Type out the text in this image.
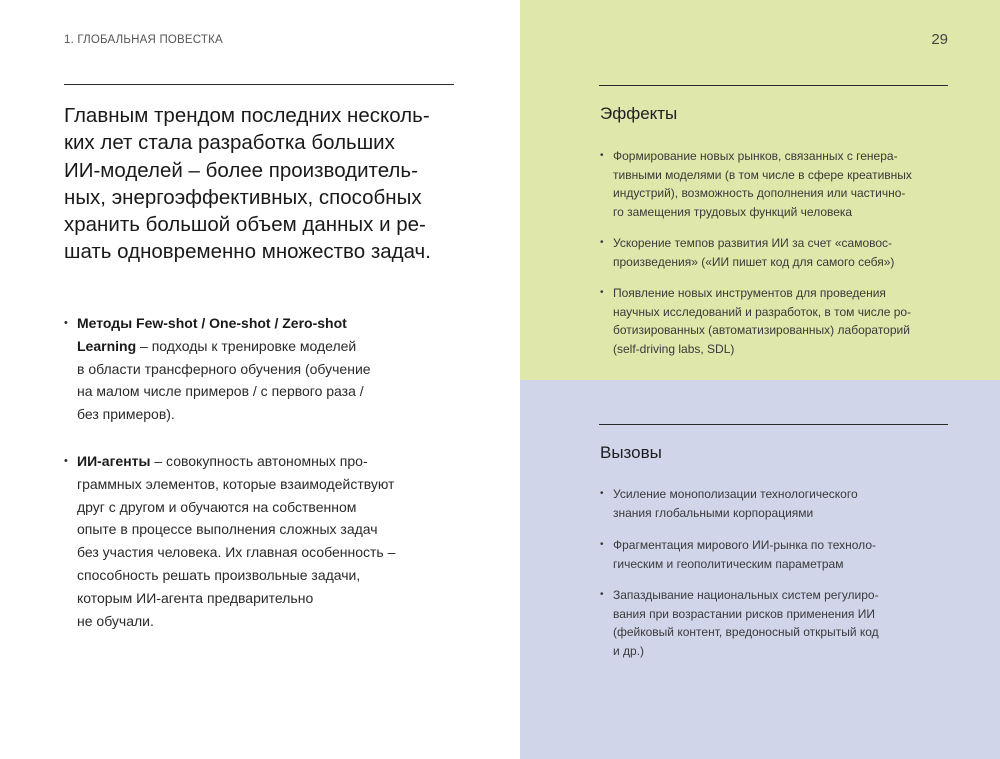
1. ГЛОБАЛЬНАЯ ПОВЕСТКА	29

Главным трендом последних несколь-
ких лет стала разработка больших
ИИ-моделей – более производитель-
ных, энергоэффективных, способных
хранить большой объем данных и ре-
шать одновременно множество задач.

• Методы Few-shot / One-shot / Zero-shot
Learning – подходы к тренировке моделей
в области трансферного обучения (обучение
на малом числе примеров / с первого раза /
без примеров).

• ИИ-агенты – совокупность автономных про-
граммных элементов, которые взаимодействуют
друг с другом и обучаются на собственном
опыте в процессе выполнения сложных задач
без участия человека. Их главная особенность –
способность решать произвольные задачи,
которым ИИ-агента предварительно
не обучали.

Эффекты

• Формирование новых рынков, связанных с генера-
тивными моделями (в том числе в сфере креативных
индустрий), возможность дополнения или частично-
го замещения трудовых функций человека

• Ускорение темпов развития ИИ за счет «самовос-
произведения» («ИИ пишет код для самого себя»)

• Появление новых инструментов для проведения
научных исследований и разработок, в том числе ро-
ботизированных (автоматизированных) лабораторий
(self-driving labs, SDL)

Вызовы

• Усиление монополизации технологического
знания глобальными корпорациями

• Фрагментация мирового ИИ-рынка по техноло-
гическим и геополитическим параметрам

• Запаздывание национальных систем регулиро-
вания при возрастании рисков применения ИИ
(фейковый контент, вредоносный открытый код
и др.)
